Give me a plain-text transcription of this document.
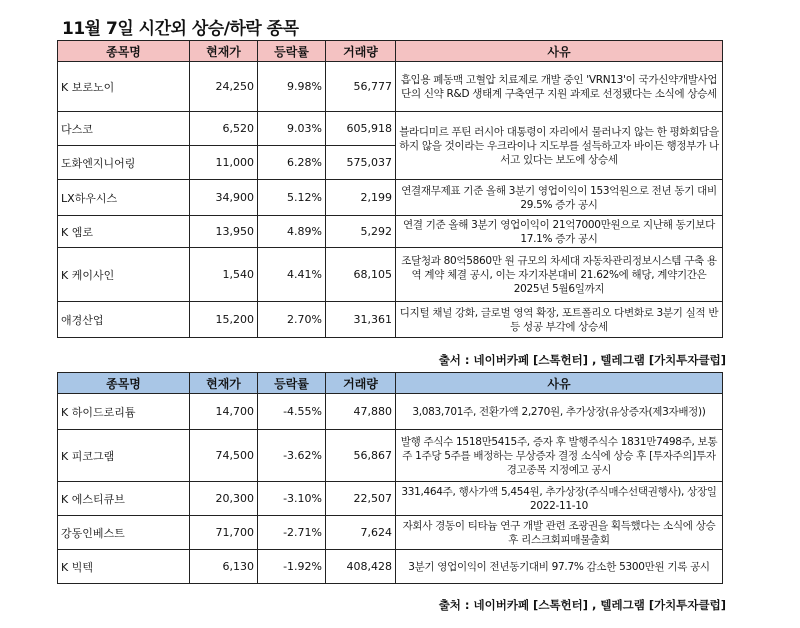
11월 7일 시간외 상승/하락 종목
종목명	현재가	등락률	거래량	사유
K 보로노이	24,250	9.98%	56,777	흡입용 폐동맥 고혈압 치료제로 개발 중인 'VRN13'이 국가신약개발사업단의 신약 R&D 생태계 구축연구 지원 과제로 선정됐다는 소식에 상승세
다스코	6,520	9.03%	605,918	블라디미르 푸틴 러시아 대통령이 자리에서 물러나지 않는 한 평화회담을 하지 않을 것이라는 우크라이나 지도부를 설득하고자 바이든 행정부가 나서고 있다는 보도에 상승세
도화엔지니어링	11,000	6.28%	575,037	
LX하우시스	34,900	5.12%	2,199	연결재무제표 기준 올해 3분기 영업이익이 153억원으로 전년 동기 대비 29.5% 증가 공시
K 엠로	13,950	4.89%	5,292	연결 기준 올해 3분기 영업이익이 21억7000만원으로 지난해 동기보다 17.1% 증가 공시
K 케이사인	1,540	4.41%	68,105	조달청과 80억5860만 원 규모의 차세대 자동차관리정보시스템 구축 용역 계약 체결 공시, 이는 자기자본대비 21.62%에 해당, 계약기간은 2025년 5월6일까지
애경산업	15,200	2.70%	31,361	디지털 채널 강화, 글로벌 영역 확장, 포트폴리오 다변화로 3분기 실적 반등 성공 부각에 상승세
출서 : 네이버카페 [스톡헌터] , 텔레그램 [가치투자클럽]
종목명	현재가	등락률	거래량	사유
K 하이드로리튬	14,700	-4.55%	47,880	3,083,701주, 전환가액 2,270원, 추가상장(유상증자(제3자배정))
K 피코그램	74,500	-3.62%	56,867	발행 주식수 1518만5415주, 증자 후 발행주식수 1831만7498주, 보통주 1주당 5주를 배정하는 무상증자 결정 소식에 상승 후 [투자주의]투자경고종목 지정예고 공시
K 에스티큐브	20,300	-3.10%	22,507	331,464주, 행사가액 5,454원, 추가상장(주식매수선택권행사), 상장일 2022-11-10
강동인베스트	71,700	-2.71%	7,624	자회사 경동이 티타늄 연구 개발 관련 조광권을 획득했다는 소식에 상승 후 리스크회피매물출회
K 빅텍	6,130	-1.92%	408,428	3분기 영업이익이 전년동기대비 97.7% 감소한 5300만원 기록 공시
출처 : 네이버카페 [스톡헌터] , 텔레그램 [가치투자클럽]
